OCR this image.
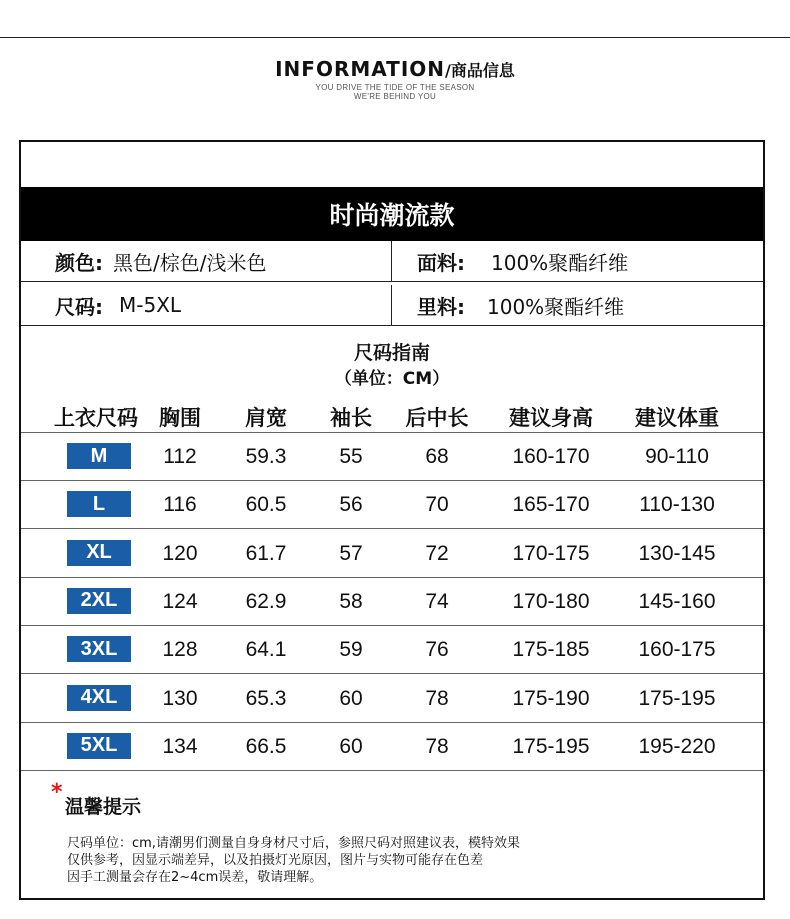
INFORMATION/商品信息
YOU DRIVE THE TIDE OF THE SEASON
WE'RE BEHIND YOU
时尚潮流款
颜色: 黑色/棕色/浅米色	面料: 100%聚酯纤维
尺码: M-5XL	里料: 100%聚酯纤维
尺码指南
（单位：CM）
上衣尺码 胸围 肩宽 袖长 后中长 建议身高 建议体重
M	112 59.3	55	68	160-170	90-110
L	116 60.5	56	70	165-170 110-130
XL	120 61.7	57	72	170-175 130-145
2XL	124 62.9	58	74	170-180 145-160
3XL	128 64.1	59	76	175-185 160-175
4XL	130 65.3	60	78	175-190 175-195
5XL	134 66.5	60	78	175-195 195-220
*
温馨提示
尺码单位：cm,请潮男们测量自身身材尺寸后，参照尺码对照建议表，模特效果
仅供参考，因显示端差异，以及拍摄灯光原因，图片与实物可能存在色差
因手工测量会存在2~4cm误差，敬请理解。
